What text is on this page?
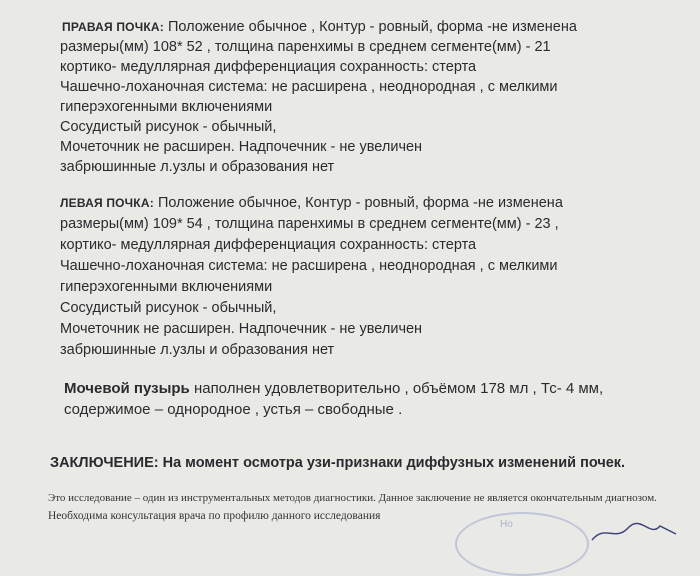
ПРАВАЯ ПОЧКА: Положение обычное , Контур - ровный, форма -не изменена
размеры(мм) 108* 52 , толщина паренхимы в среднем сегменте(мм) - 21
кортико- медуллярная дифференциация сохранность: стерта
Чашечно-лоханочная система: не расширена , неоднородная , с мелкими
гиперэхогенными включениями
Сосудистый рисунок - обычный,
Мочеточник не расширен. Надпочечник - не увеличен
забрюшинные л.узлы и образования нет
ЛЕВАЯ ПОЧКА: Положение обычное, Контур - ровный, форма -не изменена
размеры(мм) 109* 54 , толщина паренхимы в среднем сегменте(мм) - 23 ,
кортико- медуллярная дифференциация сохранность: стерта
Чашечно-лоханочная система: не расширена , неоднородная , с мелкими
гиперэхогенными включениями
Сосудистый рисунок - обычный,
Мочеточник не расширен. Надпочечник - не увеличен
забрюшинные л.узлы и образования нет
Мочевой пузырь наполнен удовлетворительно , объёмом 178 мл , Тс- 4 мм,
содержимое – однородное , устья – свободные .
ЗАКЛЮЧЕНИЕ: На момент осмотра узи-признаки диффузных изменений почек.
Это исследование – один из инструментальных методов диагностики. Данное заключение не является окончательным диагнозом.
Необходима консультация врача по профилю данного исследования
Но
